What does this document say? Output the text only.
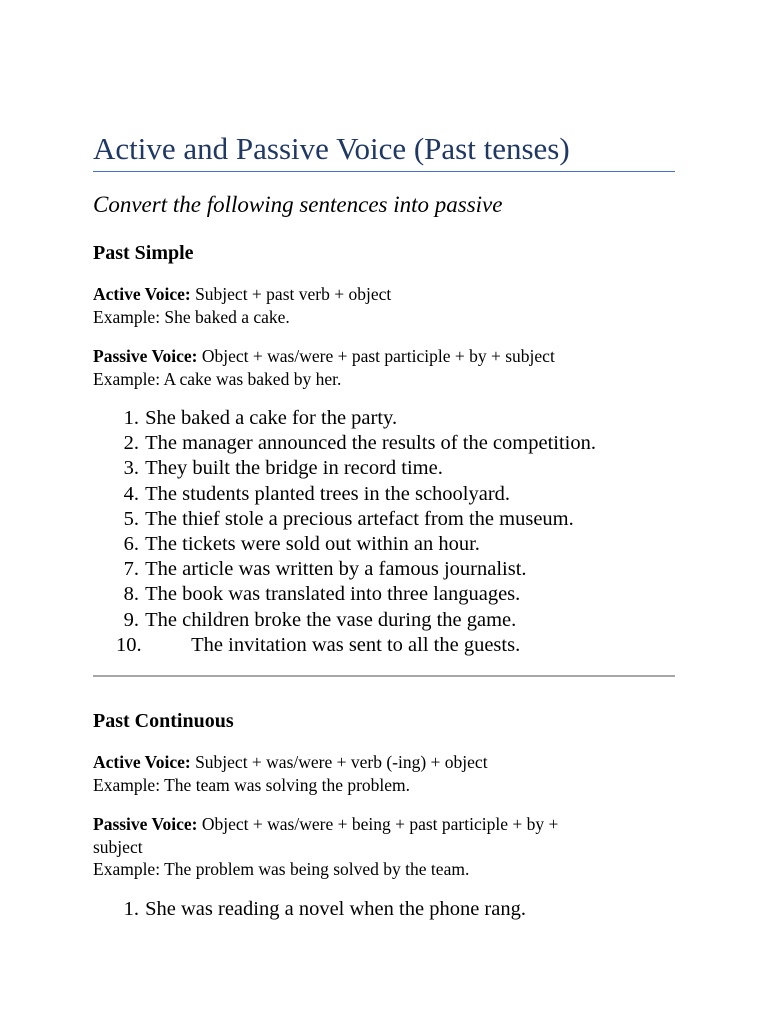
Active and Passive Voice (Past tenses)
Convert the following sentences into passive
Past Simple
Active Voice: Subject + past verb + object
Example: She baked a cake.
Passive Voice: Object + was/were + past participle + by + subject
Example: A cake was baked by her.
1. She baked a cake for the party.
2. The manager announced the results of the competition.
3. They built the bridge in record time.
4. The students planted trees in the schoolyard.
5. The thief stole a precious artefact from the museum.
6. The tickets were sold out within an hour.
7. The article was written by a famous journalist.
8. The book was translated into three languages.
9. The children broke the vase during the game.
10. The invitation was sent to all the guests.
Past Continuous
Active Voice: Subject + was/were + verb (-ing) + object
Example: The team was solving the problem.
Passive Voice: Object + was/were + being + past participle + by +
subject
Example: The problem was being solved by the team.
1. She was reading a novel when the phone rang.
